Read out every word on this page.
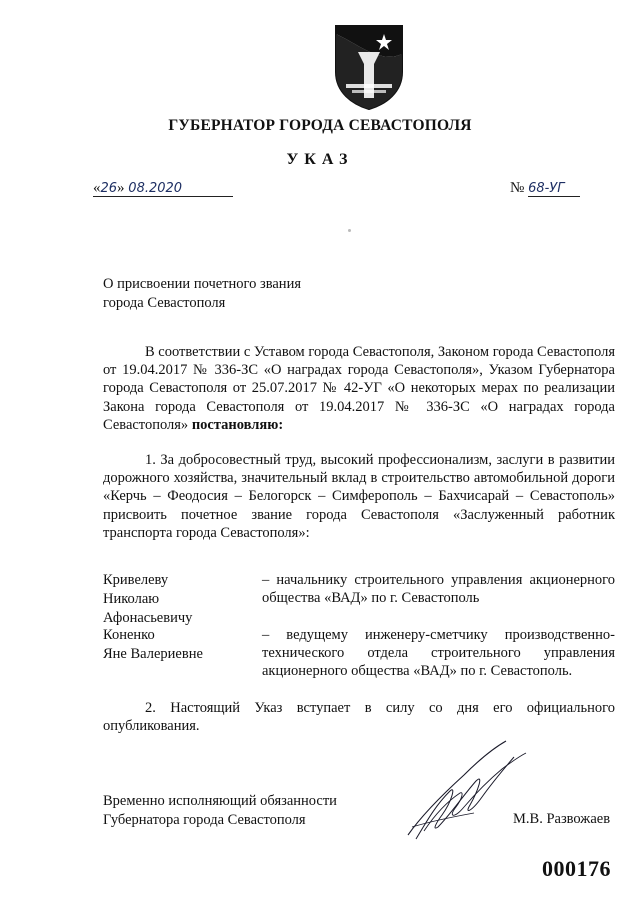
ГУБЕРНАТОР ГОРОДА СЕВАСТОПОЛЯ
УКАЗ
«26» 08.2020	№ 68-УГ
О присвоении почетного звания
города Севастополя
В соответствии с Уставом города Севастополя, Законом города Севастополя от 19.04.2017 № 336-ЗС «О наградах города Севастополя», Указом Губернатора города Севастополя от 25.07.2017 № 42-УГ «О некоторых мерах по реализации Закона города Севастополя от 19.04.2017 № 336-ЗС «О наградах города Севастополя» постановляю:
1. За добросовестный труд, высокий профессионализм, заслуги в развитии дорожного хозяйства, значительный вклад в строительство автомобильной дороги «Керчь – Феодосия – Белогорск – Симферополь – Бахчисарай – Севастополь» присвоить почетное звание города Севастополя «Заслуженный работник транспорта города Севастополя»:
Кривелеву
Николаю
Афонасьевичу
– начальнику строительного управления акционерного общества «ВАД» по г. Севастополь
Коненко
Яне Валериевне
– ведущему инженеру-сметчику производственно-технического отдела строительного управления акционерного общества «ВАД» по г. Севастополь.
2. Настоящий Указ вступает в силу со дня его официального опубликования.
Временно исполняющий обязанности
Губернатора города Севастополя	М.В. Развожаев
000176
